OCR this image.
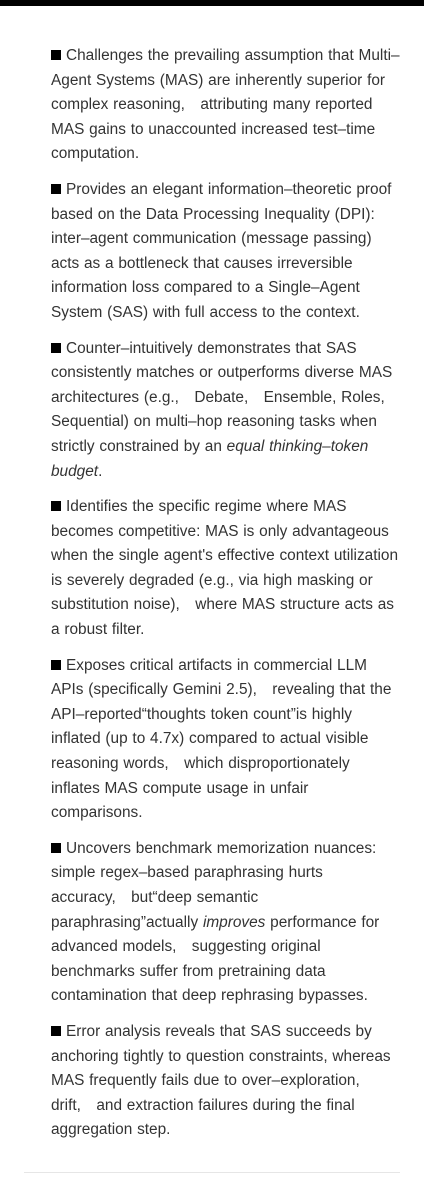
Challenges the prevailing assumption that Multi–Agent Systems (MAS) are inherently superior for complex reasoning, attributing many reported MAS gains to unaccounted increased test–time computation.
Provides an elegant information–theoretic proof based on the Data Processing Inequality (DPI): inter–agent communication (message passing) acts as a bottleneck that causes irreversible information loss compared to a Single–Agent System (SAS) with full access to the context.
Counter–intuitively demonstrates that SAS consistently matches or outperforms diverse MAS architectures (e.g., Debate, Ensemble, Roles, Sequential) on multi–hop reasoning tasks when strictly constrained by an equal thinking–token budget.
Identifies the specific regime where MAS becomes competitive: MAS is only advantageous when the single agent's effective context utilization is severely degraded (e.g., via high masking or substitution noise), where MAS structure acts as a robust filter.
Exposes critical artifacts in commercial LLM APIs (specifically Gemini 2.5), revealing that the API–reported“thoughts token count”is highly inflated (up to 4.7x) compared to actual visible reasoning words, which disproportionately inflates MAS compute usage in unfair comparisons.
Uncovers benchmark memorization nuances: simple regex–based paraphrasing hurts accuracy, but“deep semantic paraphrasing”actually improves performance for advanced models, suggesting original benchmarks suffer from pretraining data contamination that deep rephrasing bypasses.
Error analysis reveals that SAS succeeds by anchoring tightly to question constraints, whereas MAS frequently fails due to over–exploration, drift, and extraction failures during the final aggregation step.
